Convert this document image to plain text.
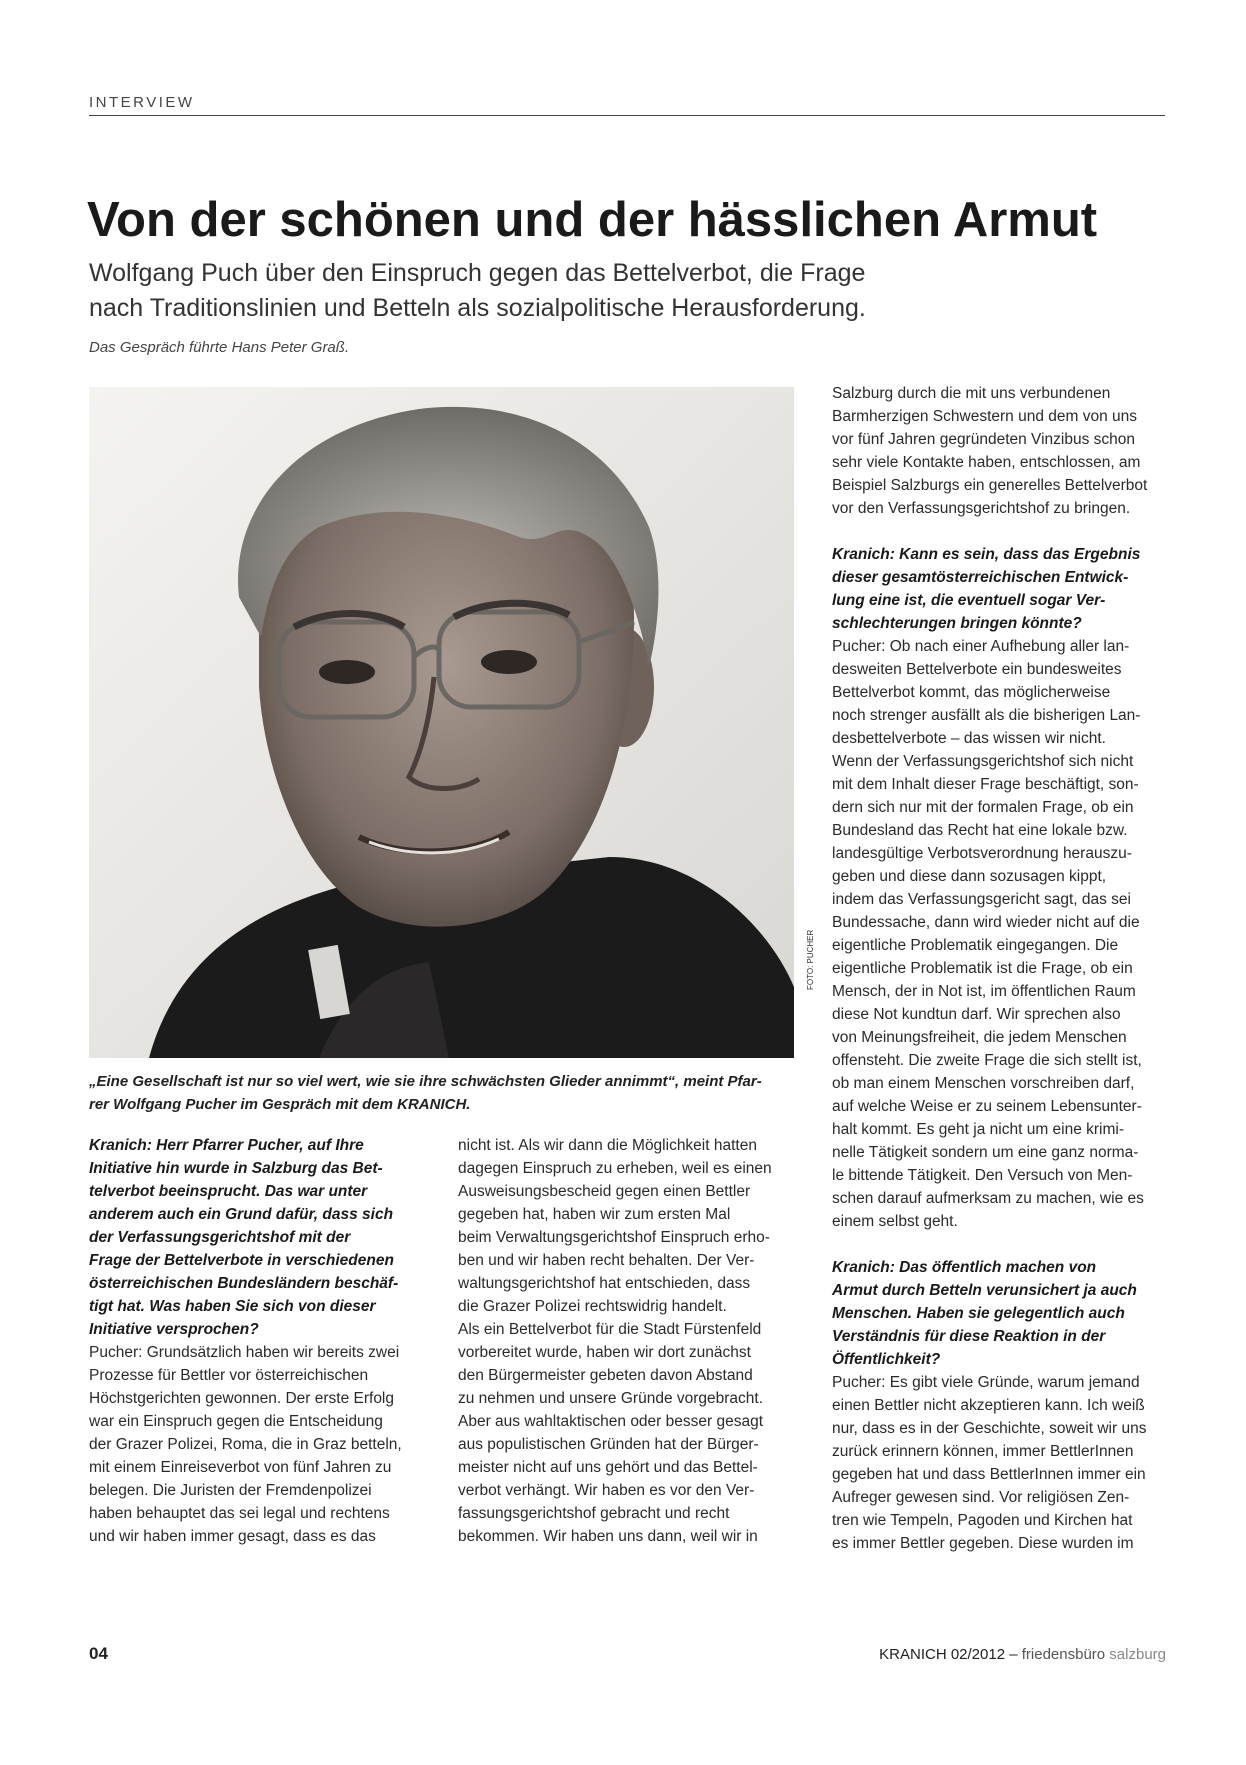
INTERVIEW
Von der schönen und der hässlichen Armut
Wolfgang Puch über den Einspruch gegen das Bettelverbot, die Frage
nach Traditionslinien und Betteln als sozialpolitische Herausforderung.
Das Gespräch führte Hans Peter Graß.
FOTO: PUCHER
„Eine Gesellschaft ist nur so viel wert, wie sie ihre schwächsten Glieder annimmt“, meint Pfar-
rer Wolfgang Pucher im Gespräch mit dem KRANICH.

Kranich: Herr Pfarrer Pucher, auf Ihre

Initiative hin wurde in Salzburg das Bet-

telverbot beeinsprucht. Das war unter

anderem auch ein Grund dafür, dass sich

der Verfassungsgerichtshof mit der

Frage der Bettelverbote in verschiedenen

österreichischen Bundesländern beschäf-

tigt hat. Was haben Sie sich von dieser

Initiative versprochen?

Pucher: Grundsätzlich haben wir bereits zwei

Prozesse für Bettler vor österreichischen

Höchstgerichten gewonnen. Der erste Erfolg

war ein Einspruch gegen die Entscheidung

der Grazer Polizei, Roma, die in Graz betteln,

mit einem Einreiseverbot von fünf Jahren zu

belegen. Die Juristen der Fremdenpolizei

haben behauptet das sei legal und rechtens

und wir haben immer gesagt, dass es das

nicht ist. Als wir dann die Möglichkeit hatten

dagegen Einspruch zu erheben, weil es einen

Ausweisungsbescheid gegen einen Bettler

gegeben hat, haben wir zum ersten Mal

beim Verwaltungsgerichtshof Einspruch erho-

ben und wir haben recht behalten. Der Ver-

waltungsgerichtshof hat entschieden, dass

die Grazer Polizei rechtswidrig handelt.

Als ein Bettelverbot für die Stadt Fürstenfeld

vorbereitet wurde, haben wir dort zunächst

den Bürgermeister gebeten davon Abstand

zu nehmen und unsere Gründe vorgebracht.

Aber aus wahltaktischen oder besser gesagt

aus populistischen Gründen hat der Bürger-

meister nicht auf uns gehört und das Bettel-

verbot verhängt. Wir haben es vor den Ver-

fassungsgerichtshof gebracht und recht

bekommen. Wir haben uns dann, weil wir in

Salzburg durch die mit uns verbundenen

Barmherzigen Schwestern und dem von uns

vor fünf Jahren gegründeten Vinzibus schon

sehr viele Kontakte haben, entschlossen, am

Beispiel Salzburgs ein generelles Bettelverbot

vor den Verfassungsgerichtshof zu bringen.

Kranich: Kann es sein, dass das Ergebnis

dieser gesamtösterreichischen Entwick-

lung eine ist, die eventuell sogar Ver-

schlechterungen bringen könnte?

Pucher: Ob nach einer Aufhebung aller lan-

desweiten Bettelverbote ein bundesweites

Bettelverbot kommt, das möglicherweise

noch strenger ausfällt als die bisherigen Lan-

desbettelverbote – das wissen wir nicht.

Wenn der Verfassungsgerichtshof sich nicht

mit dem Inhalt dieser Frage beschäftigt, son-

dern sich nur mit der formalen Frage, ob ein

Bundesland das Recht hat eine lokale bzw.

landesgültige Verbotsverordnung herauszu-

geben und diese dann sozusagen kippt,

indem das Verfassungsgericht sagt, das sei

Bundessache, dann wird wieder nicht auf die

eigentliche Problematik eingegangen. Die

eigentliche Problematik ist die Frage, ob ein

Mensch, der in Not ist, im öffentlichen Raum

diese Not kundtun darf. Wir sprechen also

von Meinungsfreiheit, die jedem Menschen

offensteht. Die zweite Frage die sich stellt ist,

ob man einem Menschen vorschreiben darf,

auf welche Weise er zu seinem Lebensunter-

halt kommt. Es geht ja nicht um eine krimi-

nelle Tätigkeit sondern um eine ganz norma-

le bittende Tätigkeit. Den Versuch von Men-

schen darauf aufmerksam zu machen, wie es

einem selbst geht.

Kranich: Das öffentlich machen von

Armut durch Betteln verunsichert ja auch

Menschen. Haben sie gelegentlich auch

Verständnis für diese Reaktion in der

Öffentlichkeit?

Pucher: Es gibt viele Gründe, warum jemand

einen Bettler nicht akzeptieren kann. Ich weiß

nur, dass es in der Geschichte, soweit wir uns

zurück erinnern können, immer BettlerInnen

gegeben hat und dass BettlerInnen immer ein

Aufreger gewesen sind. Vor religiösen Zen-

tren wie Tempeln, Pagoden und Kirchen hat

es immer Bettler gegeben. Diese wurden im

04	KRANICH 02/2012 – friedensbüro salzburg
